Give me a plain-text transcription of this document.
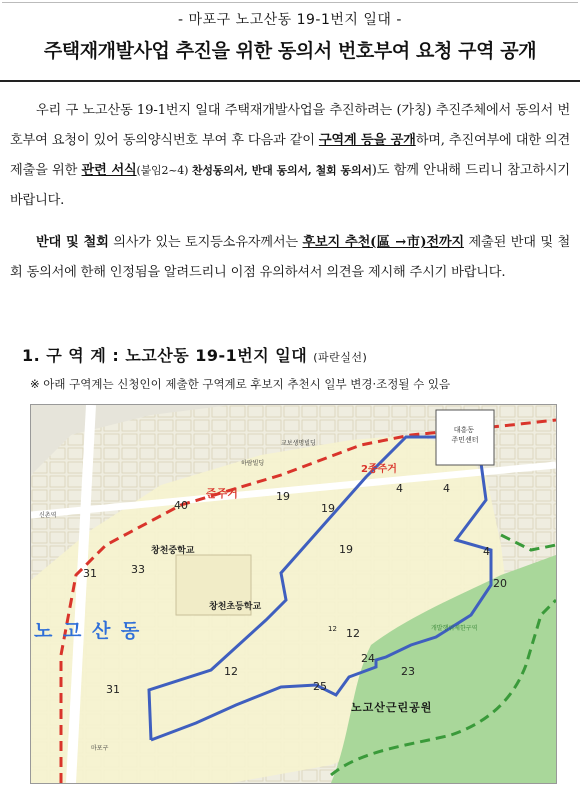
- 마포구 노고산동 19-1번지 일대 -
주택재개발사업 추진을 위한 동의서 번호부여 요청 구역 공개
우리 구 노고산동 19-1번지 일대 주택재개발사업을 추진하려는 (가칭) 추진주체에서 동의서 번호부여 요청이 있어 동의양식번호 부여 후 다음과 같이 구역계 등을 공개하며, 추진여부에 대한 의견 제출을 위한 관련 서식(붙임2~4) 찬성동의서, 반대 동의서, 철회 동의서)도 함께 안내해 드리니 참고하시기 바랍니다.
반대 및 철회 의사가 있는 토지등소유자께서는 후보지 추천(區 →市)전까지 제출된 반대 및 철회 동의서에 한해 인정됨을 알려드리니 이점 유의하셔서 의견을 제시해 주시기 바랍니다.
1. 구 역 계 : 노고산동 19-1번지 일대 (파란실선)
※ 아래 구역계는 신청인이 제출한 구역계로 후보지 추천시 일부 변경·조정될 수 있음
대흥동 주민센터
노 고 산 동
준주거
2종주거
창천중학교
창천초등학교
노고산근린공원
개발행위제한구역
교보생명빌딩
하람빌딩
신촌역
마포구
40
19
19
19
4	4
4
20
33
31
31
12 12
12
24
23
25
